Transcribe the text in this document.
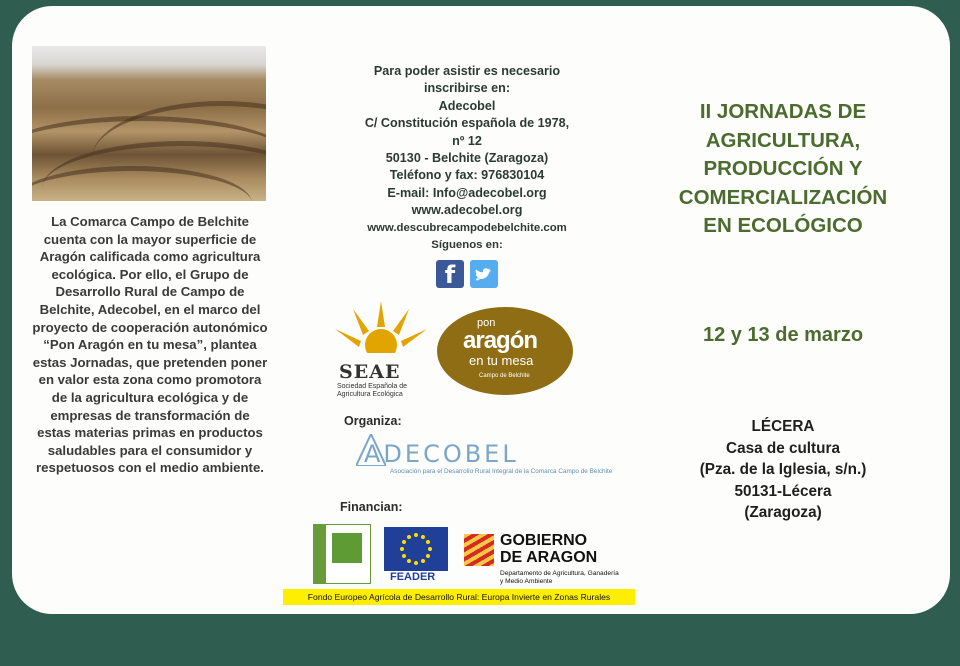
La Comarca Campo de Belchite cuenta con la mayor superficie de Aragón calificada como agricultura ecológica. Por ello, el Grupo de Desarrollo Rural de Campo de Belchite, Adecobel, en el marco del proyecto de cooperación autonómico “Pon Aragón en tu mesa”, plantea estas Jornadas, que pretenden poner en valor esta zona como promotora de la agricultura ecológica y de empresas de transformación de estas materias primas en productos saludables para el consumidor y respetuosos con el medio ambiente.

Para poder asistir es necesario

inscribirse en:

Adecobel

C/ Constitución española de 1978,

nº 12

50130 - Belchite (Zaragoza)

Teléfono y fax: 976830104

E-mail: Info@adecobel.org

www.adecobel.org

www.descubrecampodebelchite.com

Síguenos en:

f
SEAE
Sociedad Española de Agricultura Ecológica
pon
aragón
en tu mesa
Campo de Belchite
Organiza:
ADECOBEL
Asociación para el Desarrollo Rural Integral de la Comarca Campo de Belchite
Financian:
LEADER
FEADER
GOBIERNO
DE ARAGON
Departamento de Agricultura, Ganadería y Medio Ambiente
Fondo Europeo Agrícola de Desarrollo Rural: Europa Invierte en Zonas Rurales
II JORNADAS DE
AGRICULTURA,
PRODUCCIÓN Y
COMERCIALIZACIÓN
EN ECOLÓGICO
12 y 13 de marzo
LÉCERA
Casa de cultura
(Pza. de la Iglesia, s/n.)
50131-Lécera
(Zaragoza)
